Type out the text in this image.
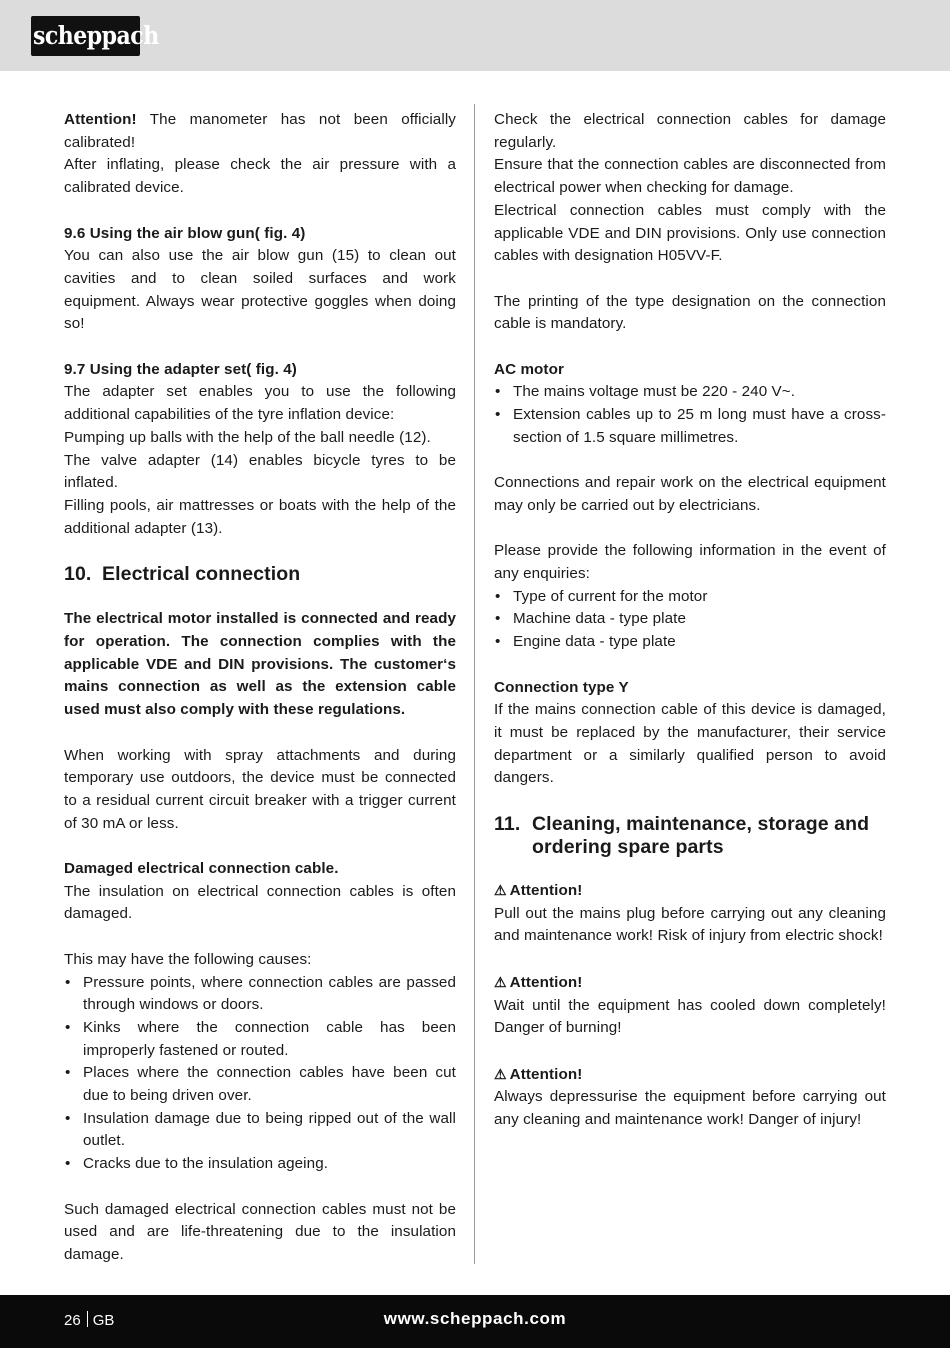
scheppach

Attention! The manometer has not been officially calibrated!

After inflating, please check the air pressure with a calibrated device.

9.6 Using the air blow gun( fig. 4)

You can also use the air blow gun (15) to clean out cavities and to clean soiled surfaces and work equipment. Always wear protective goggles when doing so!

9.7 Using the adapter set( fig. 4)

The adapter set enables you to use the following additional capabilities of the tyre inflation device:

Pumping up balls with the help of the ball needle (12).

The valve adapter (14) enables bicycle tyres to be inflated.

Filling pools, air mattresses or boats with the help of the additional adapter (13).

10. Electrical connection

The electrical motor installed is connected and ready for operation. The connection complies with the applicable VDE and DIN provisions. The customer‘s mains connection as well as the extension cable used must also comply with these regulations.

When working with spray attachments and during temporary use outdoors, the device must be connected to a residual current circuit breaker with a trigger current of 30 mA or less.

Damaged electrical connection cable.

The insulation on electrical connection cables is often damaged.

This may have the following causes:

• Pressure points, where connection cables are passed through windows or doors.
• Kinks where the connection cable has been improperly fastened or routed.
• Places where the connection cables have been cut due to being driven over.
• Insulation damage due to being ripped out of the wall outlet.
• Cracks due to the insulation ageing.

Such damaged electrical connection cables must not be used and are life-threatening due to the insulation damage.

Check the electrical connection cables for damage regularly.

Ensure that the connection cables are disconnected from electrical power when checking for damage.

Electrical connection cables must comply with the applicable VDE and DIN provisions. Only use connection cables with designation H05VV-F.

The printing of the type designation on the connection cable is mandatory.

AC motor

• The mains voltage must be 220 - 240 V~.
• Extension cables up to 25 m long must have a cross-section of 1.5 square millimetres.

Connections and repair work on the electrical equipment may only be carried out by electricians.

Please provide the following information in the event of any enquiries:

• Type of current for the motor
• Machine data - type plate
• Engine data - type plate

Connection type Y

If the mains connection cable of this device is damaged, it must be replaced by the manufacturer, their service department or a similarly qualified person to avoid dangers.

11. Cleaning, maintenance, storage and ordering spare parts

⚠ Attention!

Pull out the mains plug before carrying out any cleaning and maintenance work! Risk of injury from electric shock!

⚠ Attention!

Wait until the equipment has cooled down completely! Danger of burning!

⚠ Attention!

Always depressurise the equipment before carrying out any cleaning and maintenance work! Danger of injury!

26 GB	www.scheppach.com
